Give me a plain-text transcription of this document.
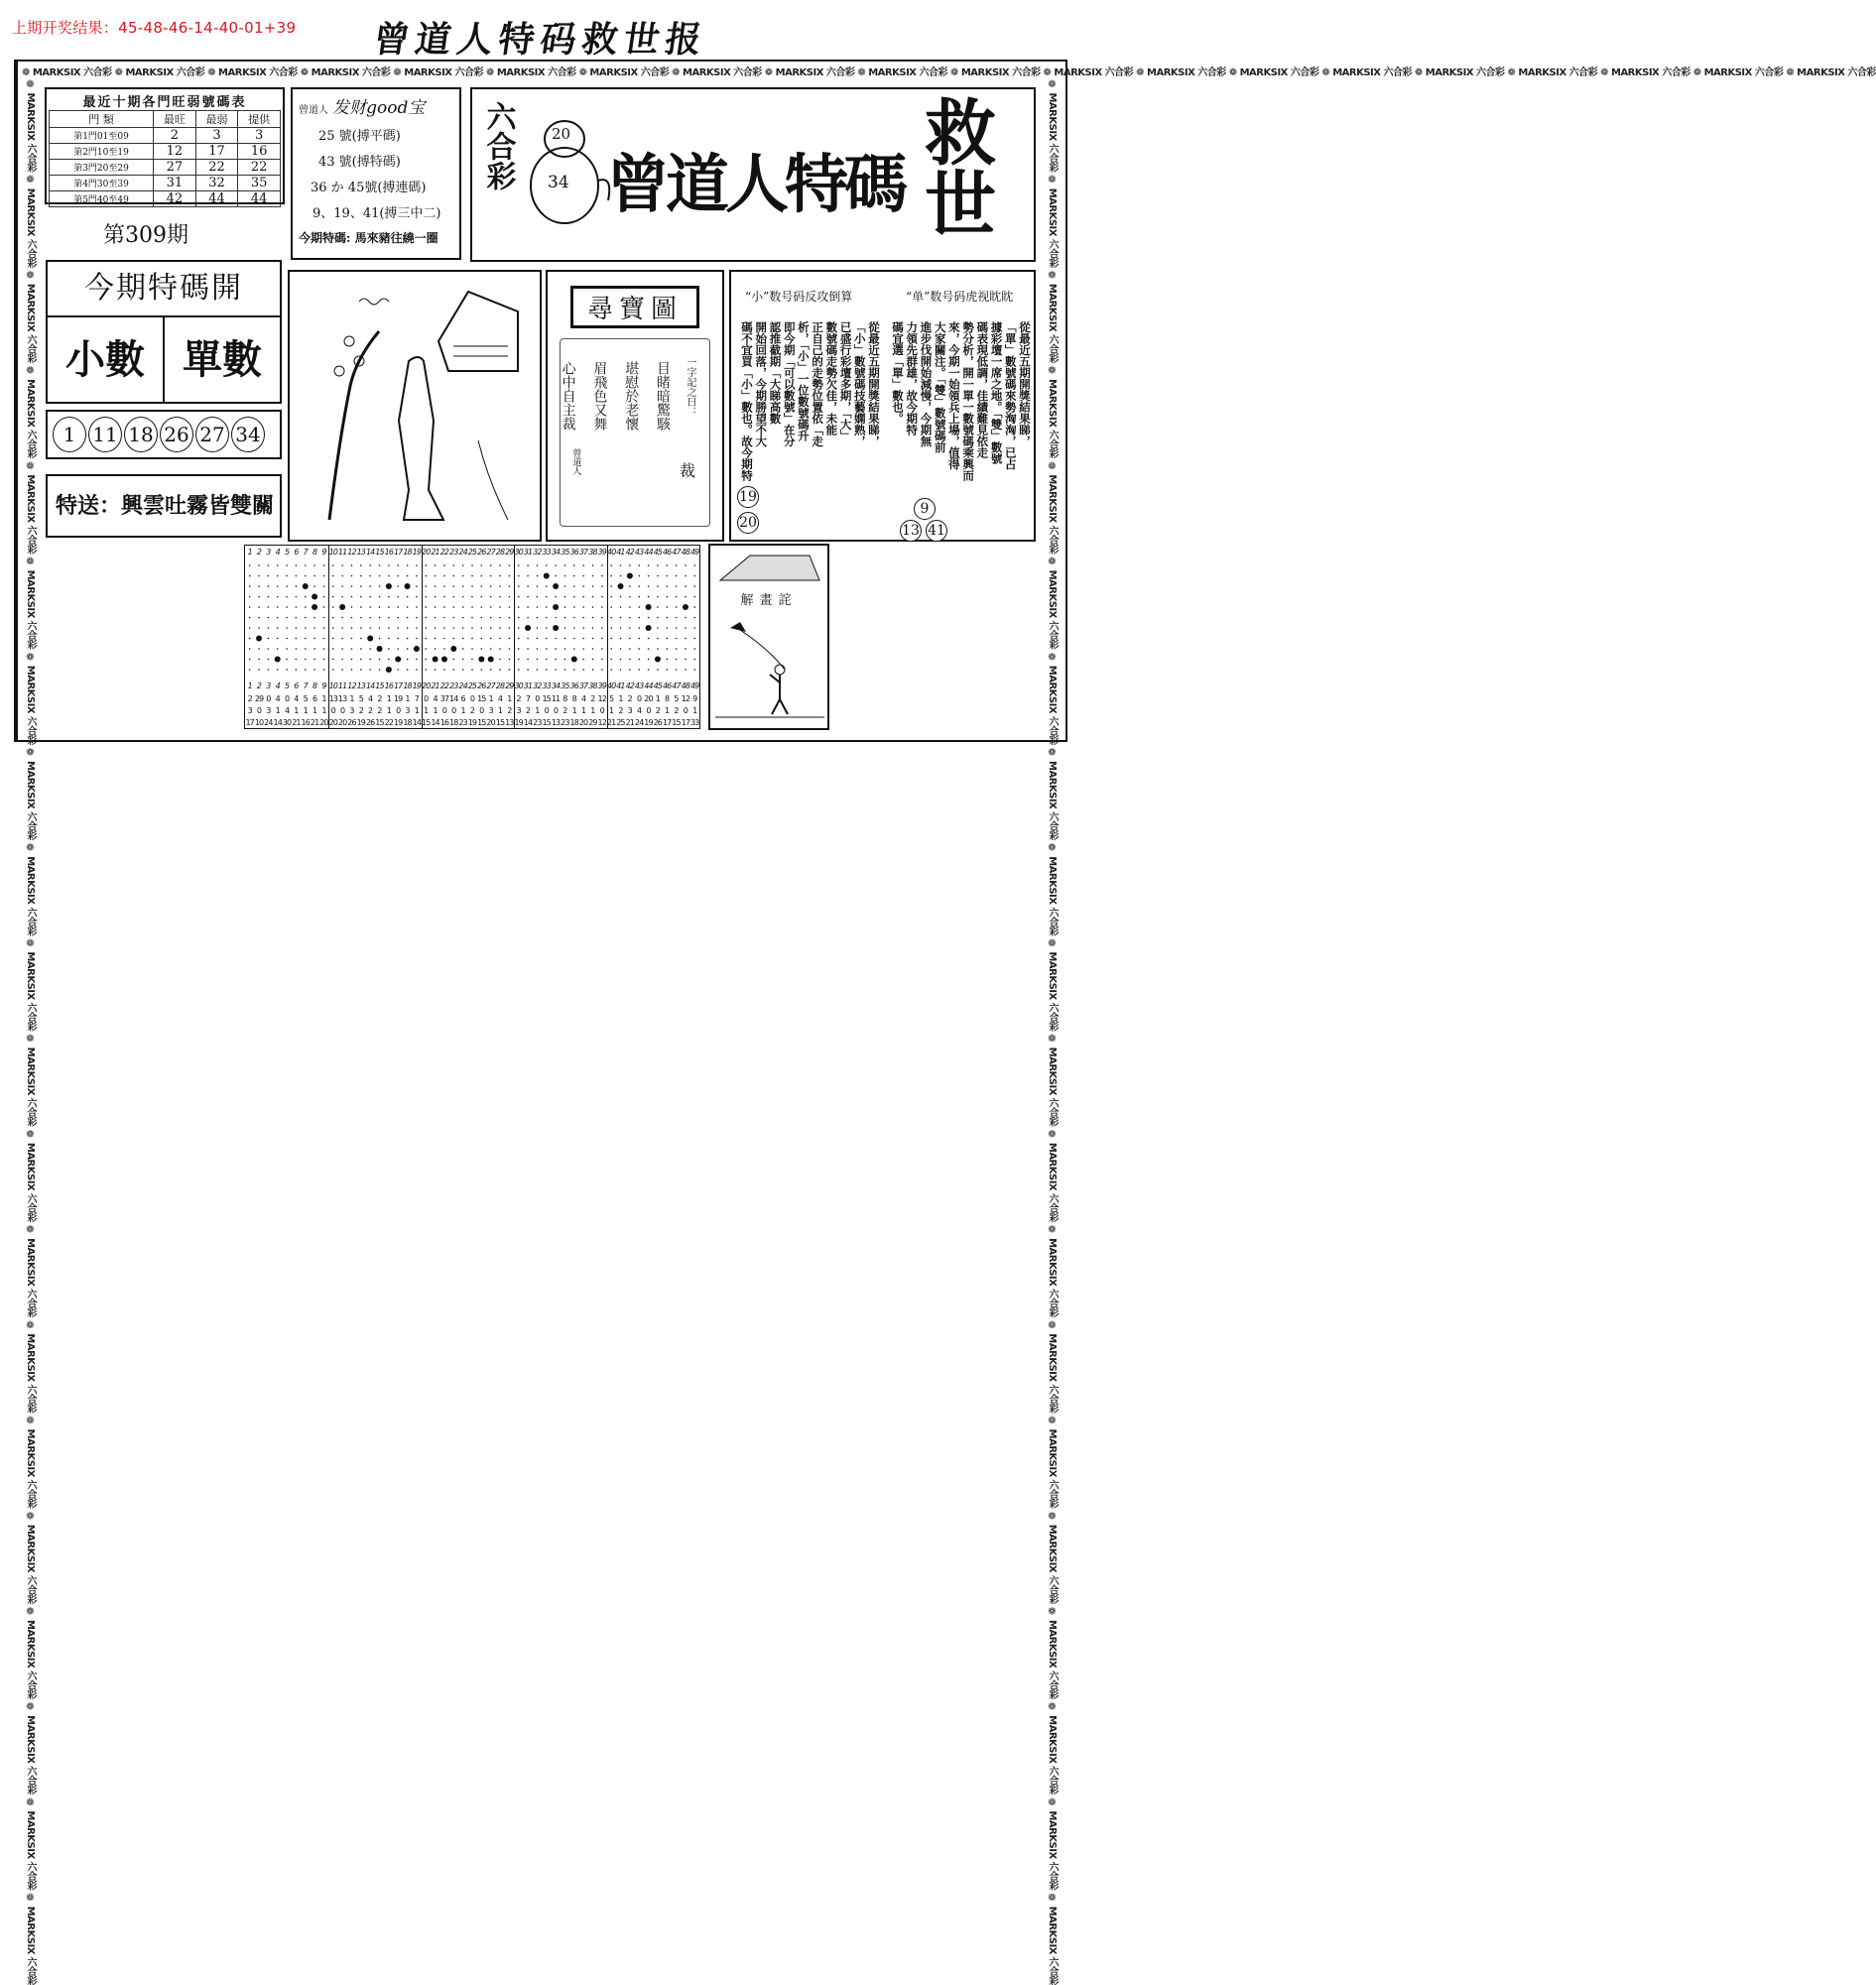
上期开奖结果：45-48-46-14-40-01+39	曾道人特码救世报
❁ MARKSIX 六合彩 ❁ MARKSIX 六合彩 ❁ MARKSIX 六合彩 ❁ MARKSIX 六合彩 ❁ MARKSIX 六合彩 ❁ MARKSIX 六合彩 ❁ MARKSIX 六合彩 ❁ MARKSIX 六合彩 ❁ MARKSIX 六合彩 ❁ MARKSIX 六合彩 ❁ MARKSIX 六合彩 ❁ MARKSIX 六合彩 ❁ MARKSIX 六合彩 ❁ MARKSIX 六合彩 ❁ MARKSIX 六合彩 ❁ MARKSIX 六合彩 ❁ MARKSIX 六合彩 ❁ MARKSIX 六合彩 ❁ MARKSIX 六合彩 ❁ MARKSIX 六合彩
❁ MARKSIX 六合彩 ❁ MARKSIX 六合彩 ❁ MARKSIX 六合彩 ❁ MARKSIX 六合彩 ❁ MARKSIX 六合彩 ❁ MARKSIX 六合彩 ❁ MARKSIX 六合彩 ❁ MARKSIX 六合彩 ❁ MARKSIX 六合彩 ❁ MARKSIX 六合彩 ❁ MARKSIX 六合彩 ❁ MARKSIX 六合彩 ❁ MARKSIX 六合彩 ❁ MARKSIX 六合彩 ❁ MARKSIX 六合彩 ❁ MARKSIX 六合彩 ❁ MARKSIX 六合彩 ❁ MARKSIX 六合彩 ❁ MARKSIX 六合彩 ❁ MARKSIX 六合彩	❁ MARKSIX 六合彩 ❁ MARKSIX 六合彩 ❁ MARKSIX 六合彩 ❁ MARKSIX 六合彩 ❁ MARKSIX 六合彩 ❁ MARKSIX 六合彩 ❁ MARKSIX 六合彩 ❁ MARKSIX 六合彩 ❁ MARKSIX 六合彩 ❁ MARKSIX 六合彩 ❁ MARKSIX 六合彩 ❁ MARKSIX 六合彩 ❁ MARKSIX 六合彩 ❁ MARKSIX 六合彩 ❁ MARKSIX 六合彩 ❁ MARKSIX 六合彩 ❁ MARKSIX 六合彩 ❁ MARKSIX 六合彩 ❁ MARKSIX 六合彩 ❁ MARKSIX 六合彩
最近十期各門旺弱號碼表
門 類	最旺	最弱	提供
第1門01至09	2	3	3
第2門10至19	12	17	16
第3門20至29	27	22	22
第4門30至39	31	32	35
第5門40至49	42	44	44
第309期
曾道人 发财good宝
25 號(搏平碼)
43 號(搏特碼)
36 か 45號(搏連碼)
9、19、41(搏三中二)
今期特碼: 馬來豬往繞一圈
六合彩 20
34 曾道人特碼 救世
今期特碼開
小數 單數
1 11 18 26 27 34
特送：興雲吐霧皆雙關
尋寶圖
一字記之曰：
裁
目睹暗驚駭
堪慰於老懷
眉飛色又舞
心中自主裁
曾道人
“小”数号码反攻倒算	“单”数号码虎视眈眈
從最近五期開獎結果睇，
「小」數號碼技藝嫻熟，
已盛行彩壇多期，「大」
數號碼走勢欠佳，未能
正自己的走勢位置依「走
析，「小」一位數號碼升
即今期「可以數號」在分
認推截期「大睇高數
開始回落，今期勝望不大
碼不宜買「小」數也。故今期特	從最近五期開獎結果睇，
「單」數號碼來勢洶洶，已占
據彩壇一席之地。「雙」數號
碼表現低調，佳績難見依走
勢分析，開一單一數號碼乘興而
來，今期一始領兵上場，值得
大家關注。「雙」數號碼前
進步伐開始減慢，今期無
力領先群雄，故今期特
碼宜選「單」數也。
19
20
9
13 41
1 2 3 4 5 6 7 8 9 10 11 12 13 14 15 16 17 18 19 20 21 22 23 24 25 26 27 28 29 30 31 32 33 34 35 36 37 38 39 40 41 42 43 44 45 46 47 48 49
1 2 3 4 5 6 7 8 9 10 11 12 13 14 15 16 17 18 19 20 21 22 23 24 25 26 27 28 29 30 31 32 33 34 35 36 37 38 39 40 41 42 43 44 45 46 47 48 49
2 29 0 4 0 4 5 6 1 13 13 1 5 4 2 1 19 1 7 0 4 37 14 6 0 15 1 4 1 2 7 0 15 11 8 8 4 2 12 5 1 2 0 20 1 8 5 12 9
3 0 3 1 4 1 1 1 1 0 0 3 2 2 2 1 0 3 1 1 1 0 0 1 2 0 3 1 2 3 2 1 0 0 2 1 1 1 0 1 2 3 4 0 2 1 2 0 1
17 10 24 14 30 21 16 21 20 20 20 26 19 26 15 22 19 18 14 15 14 16 18 23 19 15 20 15 13 19 14 23 15 13 23 18 20 29 12 21 25 21 24 19 26 17 15 17 33
解畫詫
